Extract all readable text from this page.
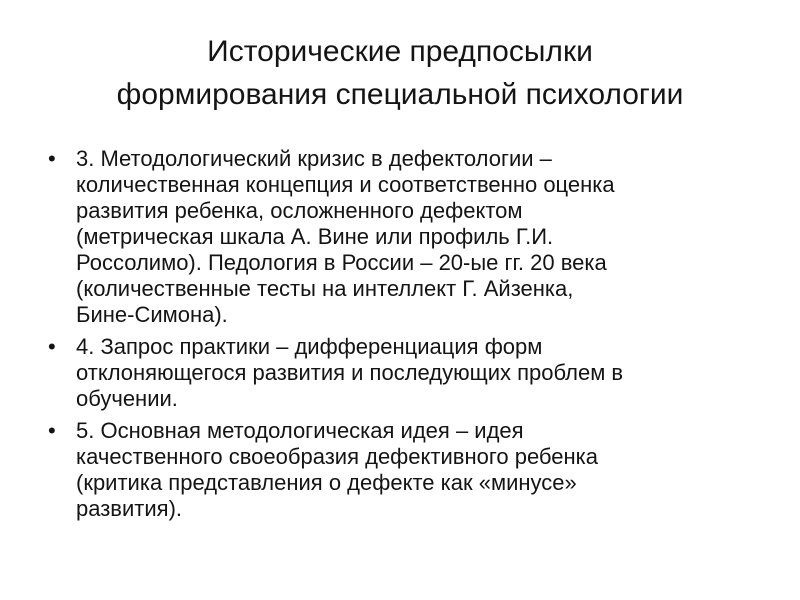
Исторические предпосылки
формирования специальной психологии
• 3. Методологический кризис в дефектологии –
количественная концепция и соответственно оценка
развития ребенка, осложненного дефектом
(метрическая шкала А. Вине или профиль Г.И.
Россолимо). Педология в России – 20-ые гг. 20 века
(количественные тесты на интеллект Г. Айзенка,
Бине-Симона).
• 4. Запрос практики – дифференциация форм
отклоняющегося развития и последующих проблем в
обучении.
• 5. Основная методологическая идея – идея
качественного своеобразия дефективного ребенка
(критика представления о дефекте как «минусе»
развития).
